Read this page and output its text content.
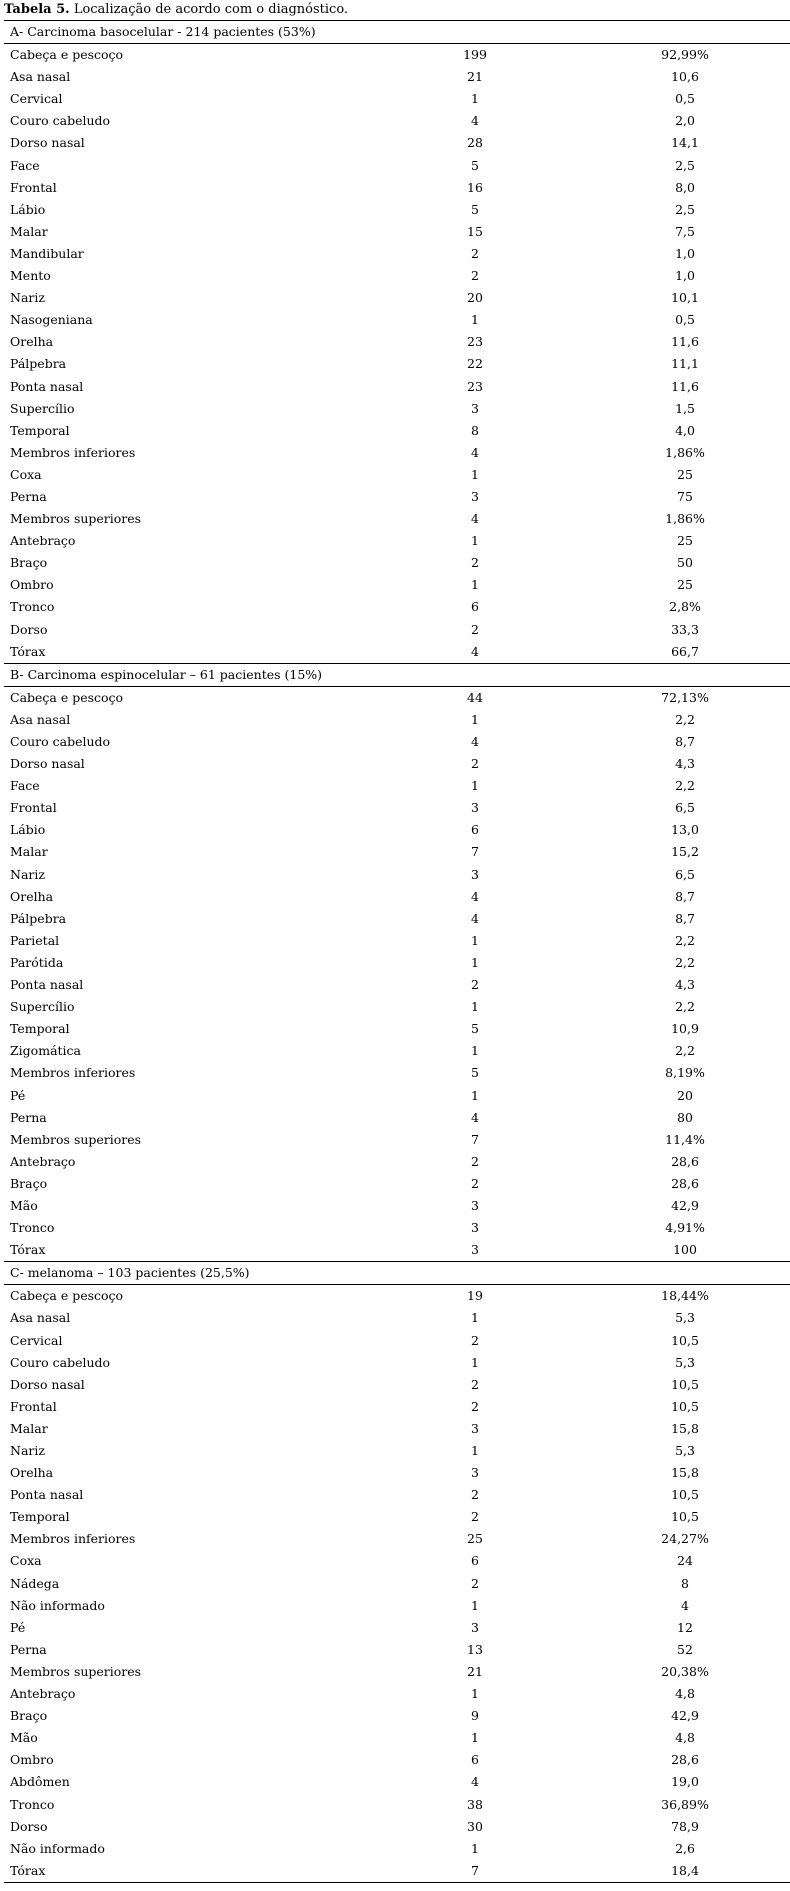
Tabela 5. Localização de acordo com o diagnóstico.
A- Carcinoma basocelular - 214 pacientes (53%)		
Cabeça e pescoço	199	92,99%
Asa nasal	21	10,6
Cervical	1	0,5
Couro cabeludo	4	2,0
Dorso nasal	28	14,1
Face	5	2,5
Frontal	16	8,0
Lábio	5	2,5
Malar	15	7,5
Mandibular	2	1,0
Mento	2	1,0
Nariz	20	10,1
Nasogeniana	1	0,5
Orelha	23	11,6
Pálpebra	22	11,1
Ponta nasal	23	11,6
Supercílio	3	1,5
Temporal	8	4,0
Membros inferiores	4	1,86%
Coxa	1	25
Perna	3	75
Membros superiores	4	1,86%
Antebraço	1	25
Braço	2	50
Ombro	1	25
Tronco	6	2,8%
Dorso	2	33,3
Tórax	4	66,7
B- Carcinoma espinocelular – 61 pacientes (15%)		
Cabeça e pescoço	44	72,13%
Asa nasal	1	2,2
Couro cabeludo	4	8,7
Dorso nasal	2	4,3
Face	1	2,2
Frontal	3	6,5
Lábio	6	13,0
Malar	7	15,2
Nariz	3	6,5
Orelha	4	8,7
Pálpebra	4	8,7
Parietal	1	2,2
Parótida	1	2,2
Ponta nasal	2	4,3
Supercílio	1	2,2
Temporal	5	10,9
Zigomática	1	2,2
Membros inferiores	5	8,19%
Pé	1	20
Perna	4	80
Membros superiores	7	11,4%
Antebraço	2	28,6
Braço	2	28,6
Mão	3	42,9
Tronco	3	4,91%
Tórax	3	100
C- melanoma – 103 pacientes (25,5%)		
Cabeça e pescoço	19	18,44%
Asa nasal	1	5,3
Cervical	2	10,5
Couro cabeludo	1	5,3
Dorso nasal	2	10,5
Frontal	2	10,5
Malar	3	15,8
Nariz	1	5,3
Orelha	3	15,8
Ponta nasal	2	10,5
Temporal	2	10,5
Membros inferiores	25	24,27%
Coxa	6	24
Nádega	2	8
Não informado	1	4
Pé	3	12
Perna	13	52
Membros superiores	21	20,38%
Antebraço	1	4,8
Braço	9	42,9
Mão	1	4,8
Ombro	6	28,6
Abdômen	4	19,0
Tronco	38	36,89%
Dorso	30	78,9
Não informado	1	2,6
Tórax	7	18,4
